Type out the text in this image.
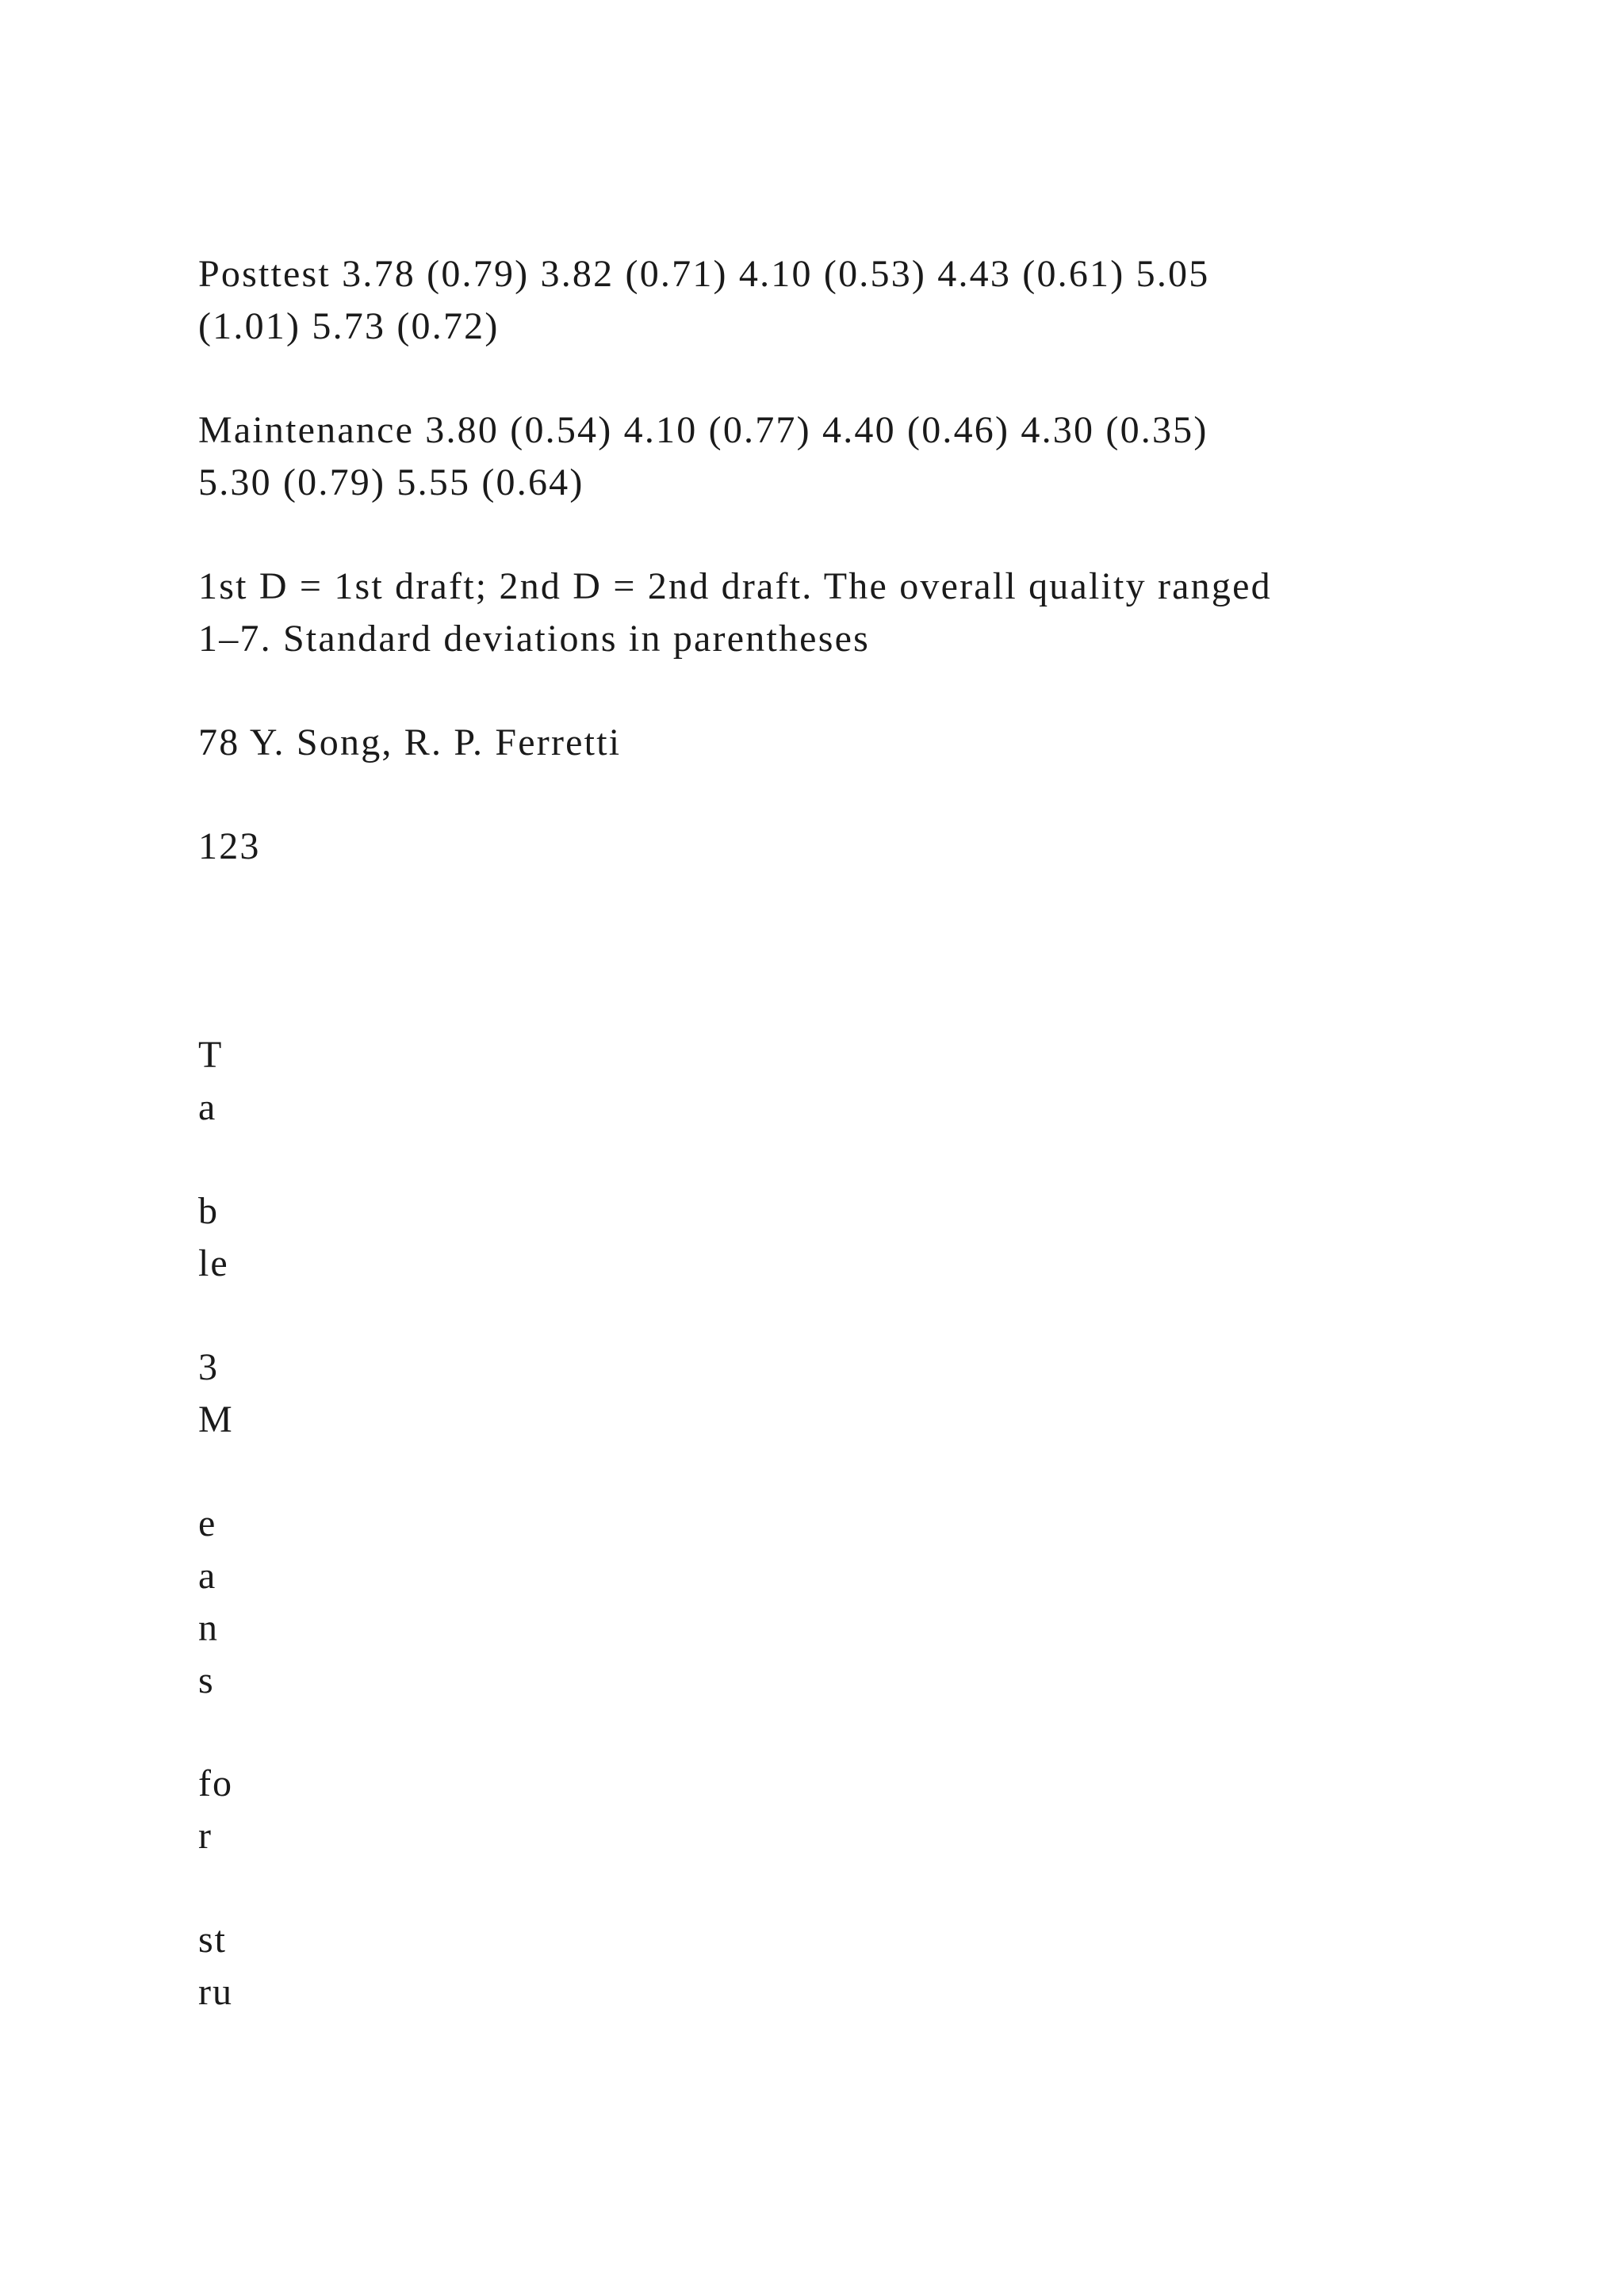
Posttest 3.78 (0.79) 3.82 (0.71) 4.10 (0.53) 4.43 (0.61) 5.05
(1.01) 5.73 (0.72)
Maintenance 3.80 (0.54) 4.10 (0.77) 4.40 (0.46) 4.30 (0.35)
5.30 (0.79) 5.55 (0.64)
1st D = 1st draft; 2nd D = 2nd draft. The overall quality ranged
1–7. Standard deviations in parentheses
78 Y. Song, R. P. Ferretti
123
T
a
b
le
3
M
e
a
n
s
fo
r
st
ru
